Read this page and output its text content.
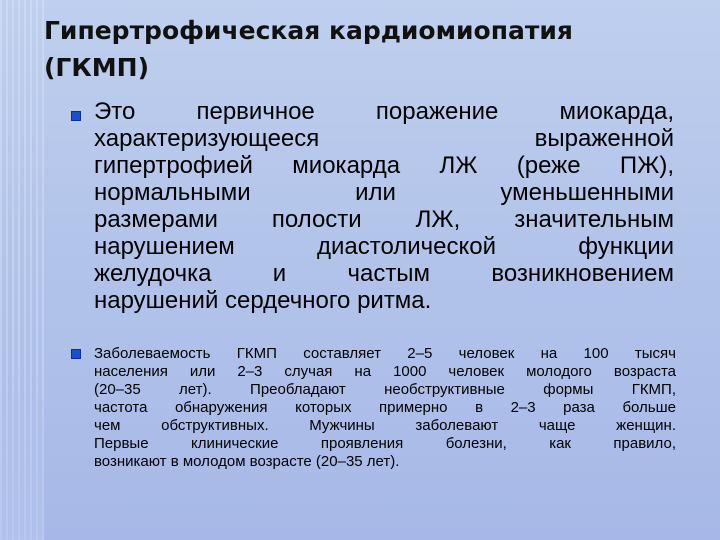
Гипертрофическая кардиомиопатия
(ГКМП)
Это первичное поражение миокарда,
характеризующееся выраженной
гипертрофией миокарда ЛЖ (реже ПЖ),
нормальными или уменьшенными
размерами полости ЛЖ, значительным
нарушением диастолической функции
желудочка и частым возникновением
нарушений сердечного ритма.
Заболеваемость ГКМП составляет 2–5 человек на 100 тысяч
населения или 2–3 случая на 1000 человек молодого возраста
(20–35 лет). Преобладают необструктивные формы ГКМП,
частота обнаружения которых примерно в 2–3 раза больше
чем обструктивных. Мужчины заболевают чаще женщин.
Первые клинические проявления болезни, как правило,
возникают в молодом возрасте (20–35 лет).
